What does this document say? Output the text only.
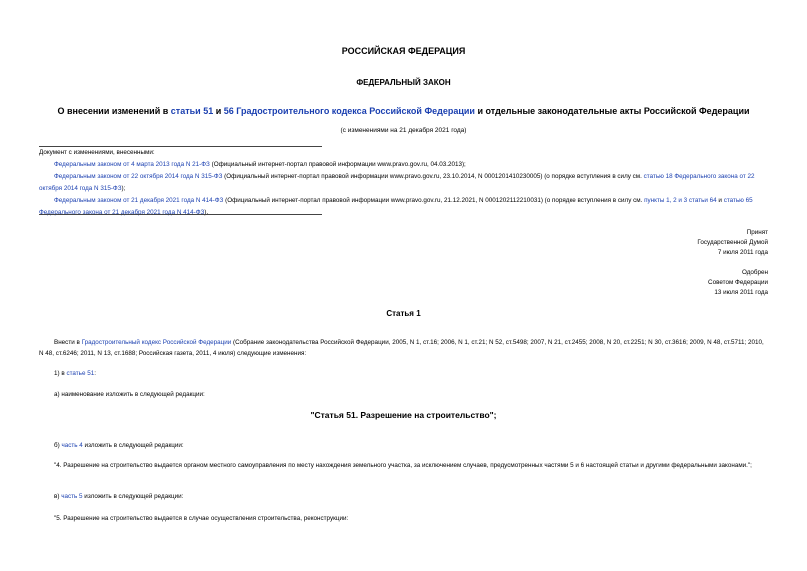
РОССИЙСКАЯ ФЕДЕРАЦИЯ
ФЕДЕРАЛЬНЫЙ ЗАКОН
О внесении изменений в статьи 51 и 56 Градостроительного кодекса Российской Федерации и отдельные законодательные акты Российской Федерации
(с изменениями на 21 декабря 2021 года)

Документ с изменениями, внесенными:

Федеральным законом от 4 марта 2013 года N 21-ФЗ (Официальный интернет-портал правовой информации www.pravo.gov.ru, 04.03.2013);

Федеральным законом от 22 октября 2014 года N 315-ФЗ (Официальный интернет-портал правовой информации www.pravo.gov.ru, 23.10.2014, N 0001201410230005) (о порядке вступления в силу см. статью 18 Федерального закона от 22 октября 2014 года N 315-ФЗ);

Федеральным законом от 21 декабря 2021 года N 414-ФЗ (Официальный интернет-портал правовой информации www.pravo.gov.ru, 21.12.2021, N 0001202112210031) (о порядке вступления в силу см. пункты 1, 2 и 3 статьи 64 и статью 65 Федерального закона от 21 декабря 2021 года N 414-ФЗ).

Принят
Государственной Думой
7 июля 2011 года
Одобрен
Советом Федерации
13 июля 2011 года
Статья 1

Внести в Градостроительный кодекс Российской Федерации (Собрание законодательства Российской Федерации, 2005, N 1, ст.16; 2006, N 1, ст.21; N 52, ст.5498; 2007, N 21, ст.2455; 2008, N 20, ст.2251; N 30, ст.3616; 2009, N 48, ст.5711; 2010, N 48, ст.6246; 2011, N 13, ст.1688; Российская газета, 2011, 4 июля) следующие изменения:

1) в статье 51:

а) наименование изложить в следующей редакции:

"Статья 51. Разрешение на строительство";

б) часть 4 изложить в следующей редакции:

"4. Разрешение на строительство выдается органом местного самоуправления по месту нахождения земельного участка, за исключением случаев, предусмотренных частями 5 и 6 настоящей статьи и другими федеральными законами.";

в) часть 5 изложить в следующей редакции:

"5. Разрешение на строительство выдается в случае осуществления строительства, реконструкции:
